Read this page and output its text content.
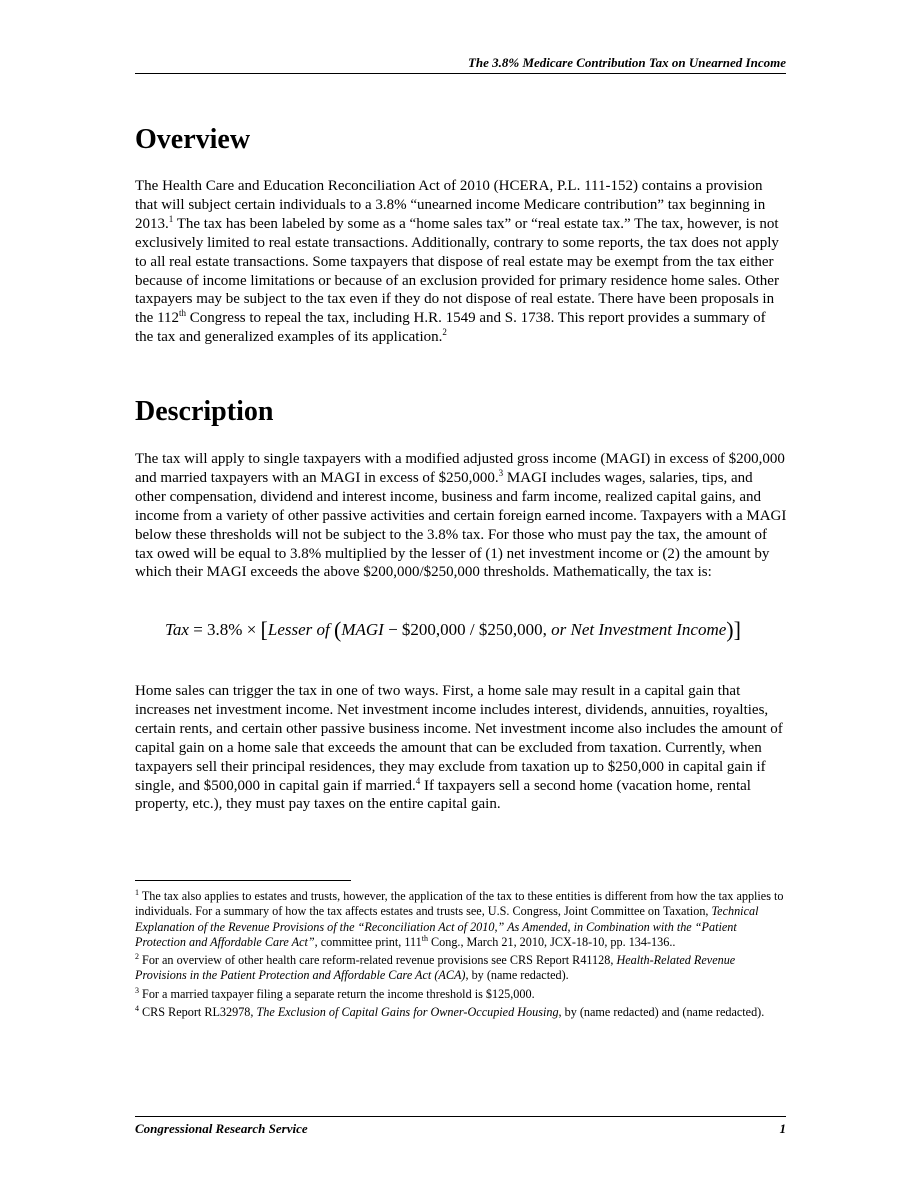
The 3.8% Medicare Contribution Tax on Unearned Income
Overview

The Health Care and Education Reconciliation Act of 2010 (HCERA, P.L. 111-152) contains a provision that will subject certain individuals to a 3.8% “unearned income Medicare contribution” tax beginning in 2013.$^1$ The tax has been labeled by some as a “home sales tax” or “real estate tax.” The tax, however, is not exclusively limited to real estate transactions. Additionally, contrary to some reports, the tax does not apply to all real estate transactions. Some taxpayers that dispose of real estate may be exempt from the tax either because of income limitations or because of an exclusion provided for primary residence home sales. Other taxpayers may be subject to the tax even if they do not dispose of real estate. There have been proposals in the 112th Congress to repeal the tax, including H.R. 1549 and S. 1738. This report provides a summary of the tax and generalized examples of its application.$^2$

Description

The tax will apply to single taxpayers with a modified adjusted gross income (MAGI) in excess of $200,000 and married taxpayers with an MAGI in excess of $250,000.$^3$ MAGI includes wages, salaries, tips, and other compensation, dividend and interest income, business and farm income, realized capital gains, and income from a variety of other passive activities and certain foreign earned income. Taxpayers with a MAGI below these thresholds will not be subject to the 3.8% tax. For those who must pay the tax, the amount of tax owed will be equal to 3.8% multiplied by the lesser of (1) net investment income or (2) the amount by which their MAGI exceeds the above $200,000/$250,000 thresholds. Mathematically, the tax is:

Tax = 3.8% × [Lesser of (MAGI − $200,000 / $250,000, or Net Investment Income)]

Home sales can trigger the tax in one of two ways. First, a home sale may result in a capital gain that increases net investment income. Net investment income includes interest, dividends, annuities, royalties, certain rents, and certain other passive business income. Net investment income also includes the amount of capital gain on a home sale that exceeds the amount that can be excluded from taxation. Currently, when taxpayers sell their principal residences, they may exclude from taxation up to $250,000 in capital gain if single, and $500,000 in capital gain if married.$^4$ If taxpayers sell a second home (vacation home, rental property, etc.), they must pay taxes on the entire capital gain.

$^1$ The tax also applies to estates and trusts, however, the application of the tax to these entities is different from how the tax applies to individuals. For a summary of how the tax affects estates and trusts see, U.S. Congress, Joint Committee on Taxation, Technical Explanation of the Revenue Provisions of the “Reconciliation Act of 2010,” As Amended, in Combination with the “Patient Protection and Affordable Care Act”, committee print, 111th Cong., March 21, 2010, JCX-18-10, pp. 134-136..

$^2$ For an overview of other health care reform-related revenue provisions see CRS Report R41128, Health-Related Revenue Provisions in the Patient Protection and Affordable Care Act (ACA), by (name redacted).

$^3$ For a married taxpayer filing a separate return the income threshold is $125,000.

$^4$ CRS Report RL32978, The Exclusion of Capital Gains for Owner-Occupied Housing, by (name redacted) and (name redacted).

Congressional Research Service	1
